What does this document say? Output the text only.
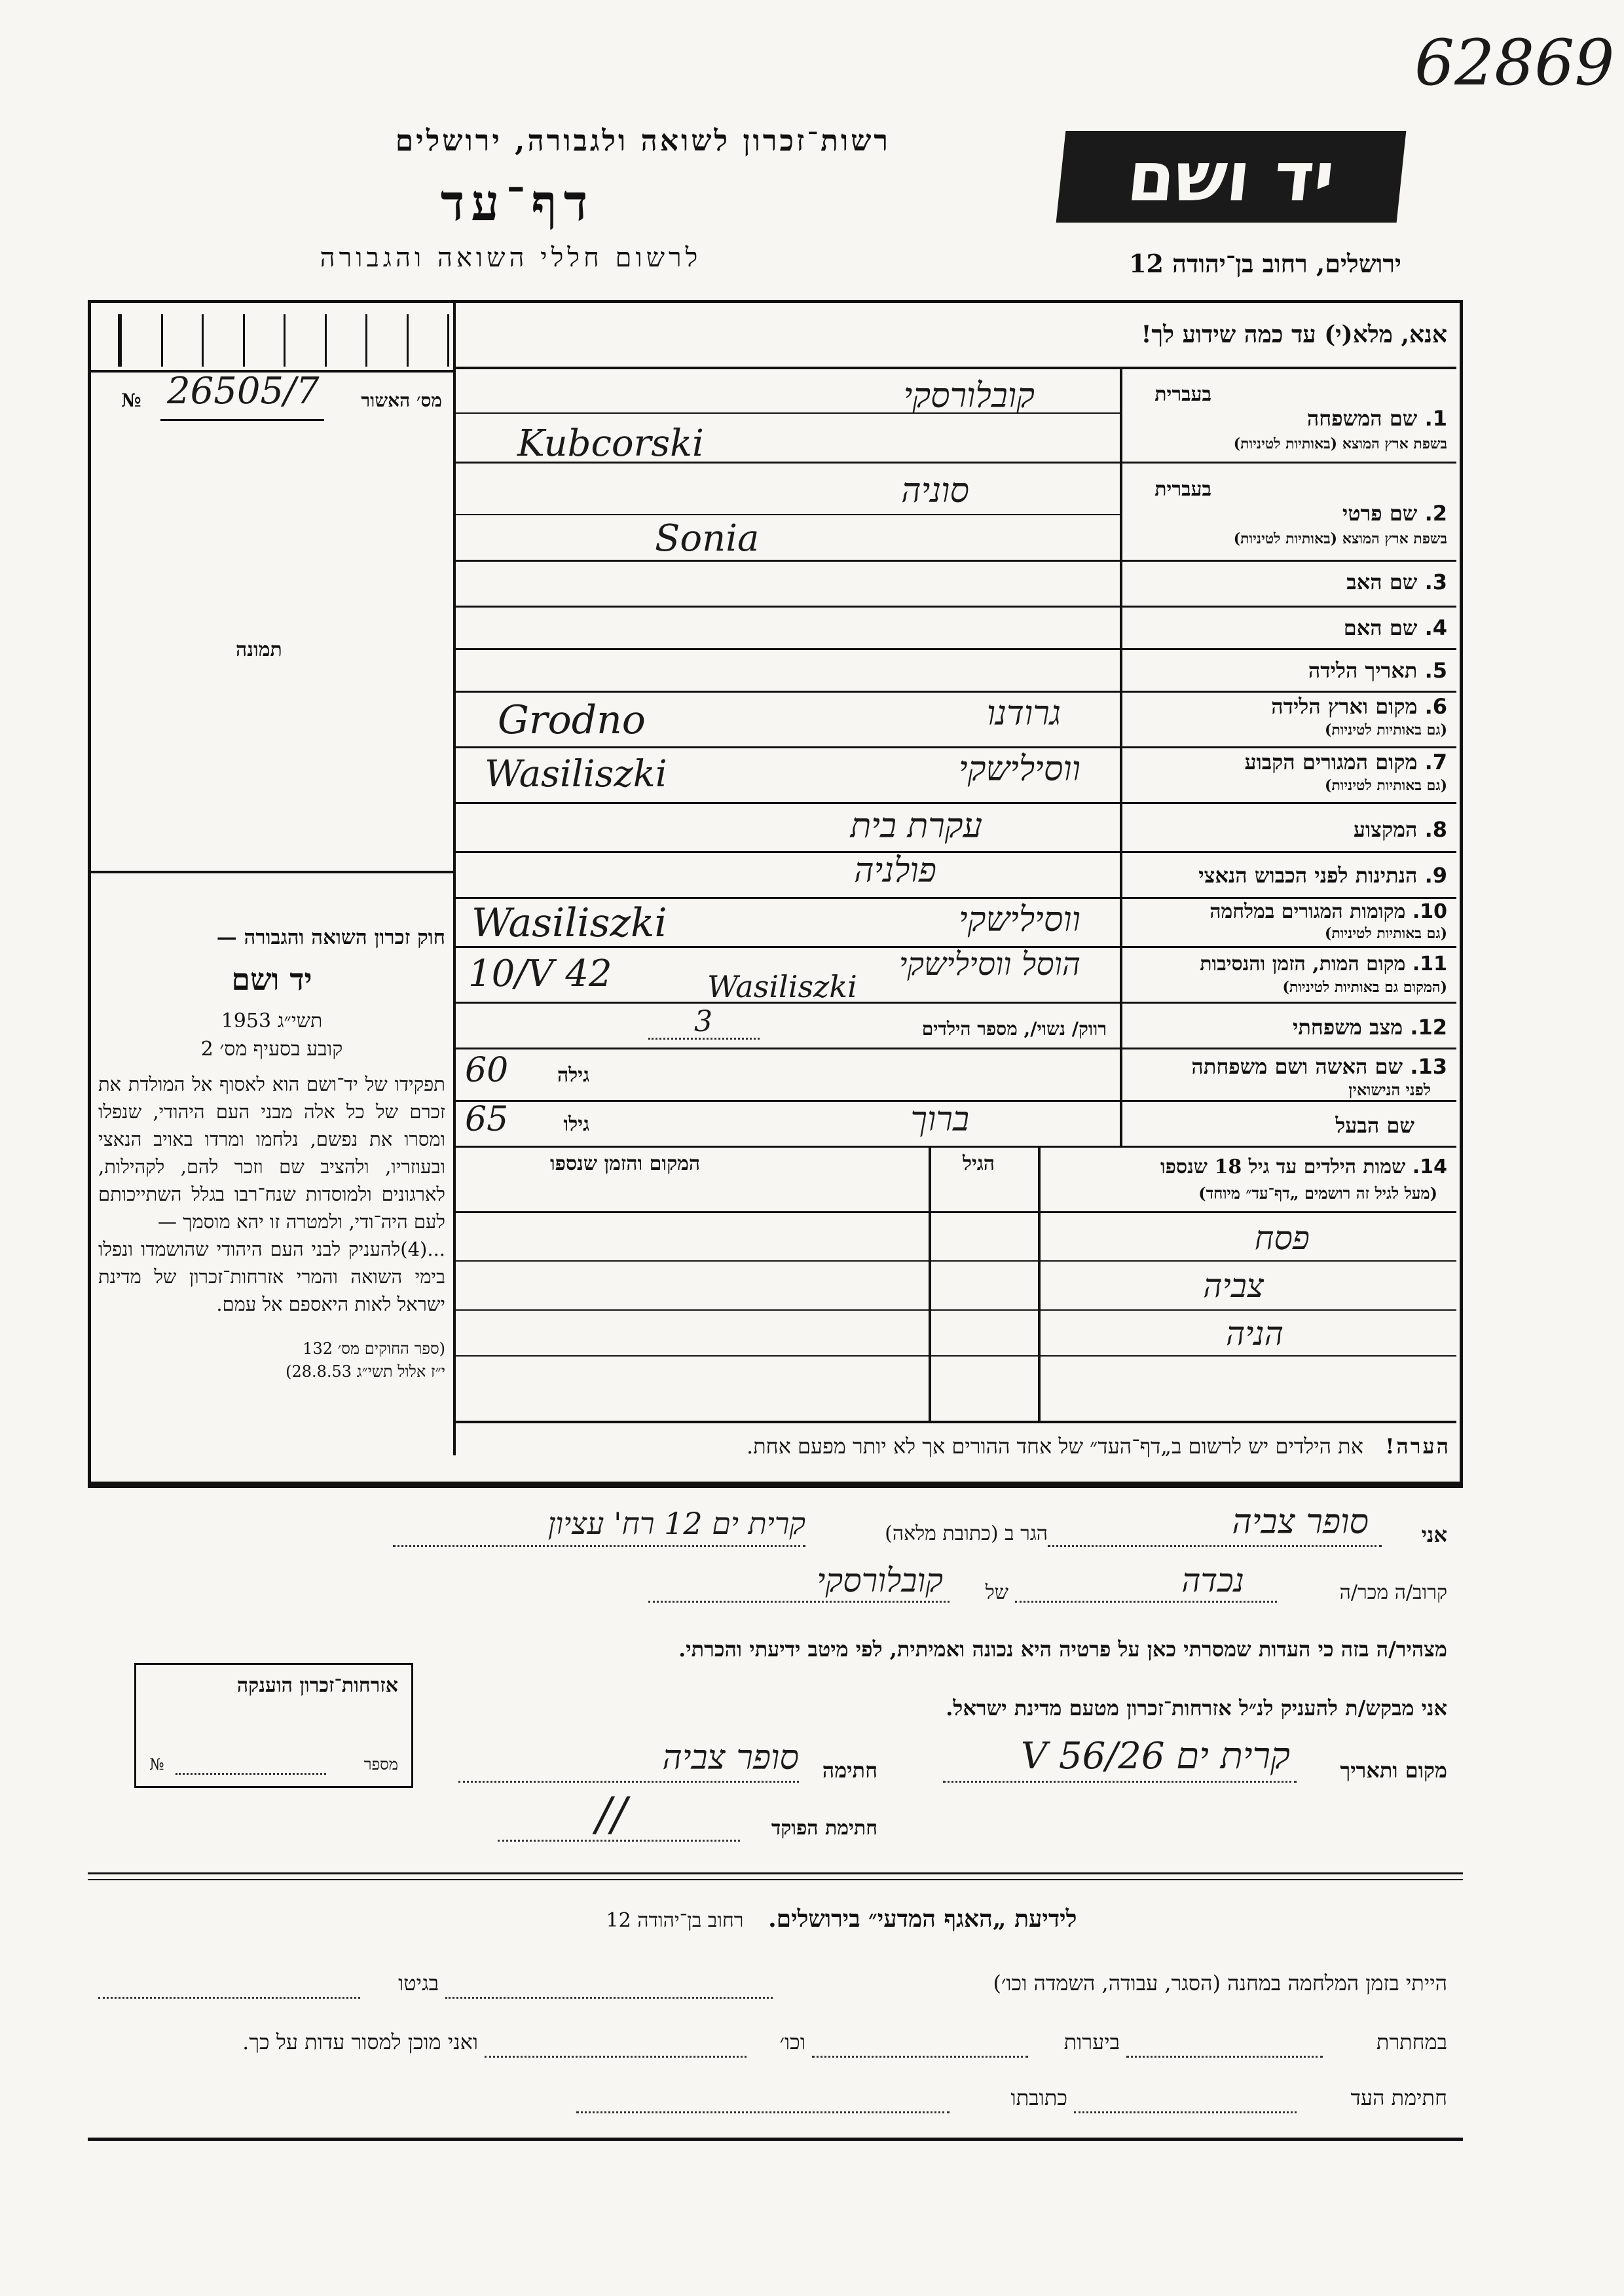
62869
רשות־זכרון לשואה ולגבורה, ירושלים
דף־עד
לרשום חללי השואה והגבורה
יד ושם
ירושלים, רחוב בן־יהודה 12
№ 26505/7	מס׳ האשור
תמונה
חוק זכרון השואה והגבורה —
יד ושם
תשי״ג 1953
קובע בסעיף מס׳ 2
תפקידו של יד־ושם הוא לאסוף אל המולדת את זכרם של כל אלה מבני העם היהודי, שנפלו ומסרו את נפשם, נלחמו ומרדו באויב הנאצי ובעוזריו, ולהציב שם וזכר להם, לקהילות, לארגונים ולמוסדות שנח־רבו בגלל השתייכותם לעם היה־ודי, ולמטרה זו יהא מוסמך —
...(4)להעניק לבני העם היהודי שהושמדו ונפלו בימי השואה והמרי אזרחות־זכרון של מדינת ישראל לאות היאספם אל עמם.
(ספר החוקים מס׳ 132
י״ז אלול תשי״ג 28.8.53)
אנא, מלא(י) עד כמה שידוע לך!
בעברית
1. שם המשפחה
בשפת ארץ המוצא (באותיות לטיניות)
קובלורסקי
Kubcorski
בעברית
2. שם פרטי
בשפת ארץ המוצא (באותיות לטיניות)
סוניה
Sonia
3. שם האב
4. שם האם
5. תאריך הלידה
6. מקום וארץ הלידה
(גם באותיות לטיניות)
Grodno	גרודנו
7. מקום המגורים הקבוע
(גם באותיות לטיניות)
Wasiliszki	ווסילישקי
8. המקצוע
עקרת בית
9. הנתינות לפני הכבוש הנאצי
פולניה
10. מקומות המגורים במלחמה
(גם באותיות לטיניות)
Wasiliszki	ווסילישקי
11. מקום המות, הזמן והנסיבות
(המקום גם באותיות לטיניות)
10/V 42	הוסל ווסילישקי
Wasiliszki
12. מצב משפחתי
רווק/ נשוי/, מספר הילדים
3
13. שם האשה ושם משפחתה
לפני הנישואין
גילה
60
שם הבעל
גילו
65	ברוך
14. שמות הילדים עד גיל 18 שנספו
(מעל לגיל זה רושמים „דף־עד״ מיוחד)
הגיל
המקום והזמן שנספו
פסח
צביה
הניה
הערה!   את הילדים יש לרשום ב„דף־העד״ של אחד ההורים אך לא יותר מפעם אחת.
אני
סופר צביה
הגר ב (כתובת מלאה)
קרית ים 12 רח' עציון
קרוב/ה מכר/ה
נכדה
של
קובלורסקי
מצהיר/ה בזה כי העדות שמסרתי כאן על פרטיה היא נכונה ואמיתית, לפי מיטב ידיעתי והכרתי.
אני מבקש/ת להעניק לנ״ל אזרחות־זכרון מטעם מדינת ישראל.
מקום ותאריך
קרית ים 26/V 56
חתימה
סופר צביה
חתימת הפוקד
//
אזרחות־זכרון הוענקה
מספר
№
לידיעת „האגף המדעי״ בירושלים.   רחוב בן־יהודה 12
הייתי בזמן המלחמה במחנה (הסגר, עבודה, השמדה וכו׳)
בגיטו
במחתרת
ביערות
וכו׳
ואני מוכן למסור עדות על כך.
חתימת העד
כתובתו
